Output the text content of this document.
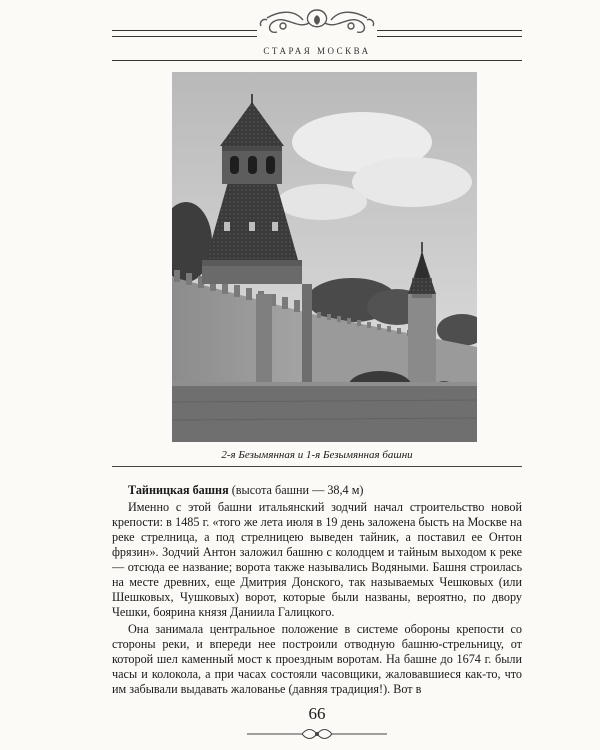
СТАРАЯ МОСКВА
2-я Безымянная и 1-я Безымянная башни

Тайницкая башня (высота башни — 38,4 м)

Именно с этой башни итальянский зодчий начал строительство новой крепости: в 1485 г. «того же лета июля в 19 день заложена бысть на Москве на реке стрелница, а под стрелницею выведен тайник, а поставил ее Онтон фрязин». Зодчий Антон заложил башню с колодцем и тайным выходом к реке — отсюда ее название; ворота также назывались Водяными. Башня строилась на месте древних, еще Дмитрия Донского, так называемых Чешковых (или Шешковых, Чушковых) ворот, которые были названы, вероятно, по двору Чешки, боярина князя Даниила Галицкого.

Она занимала центральное положение в системе обороны крепости со стороны реки, и впереди нее построили отводную башню-стрельницу, от которой шел каменный мост к проездным воротам. На башне до 1674 г. были часы и колокола, а при часах состояли часовщики, жаловавшиеся как-то, что им забывали выдавать жалованье (давняя традиция!). Вот в

66
